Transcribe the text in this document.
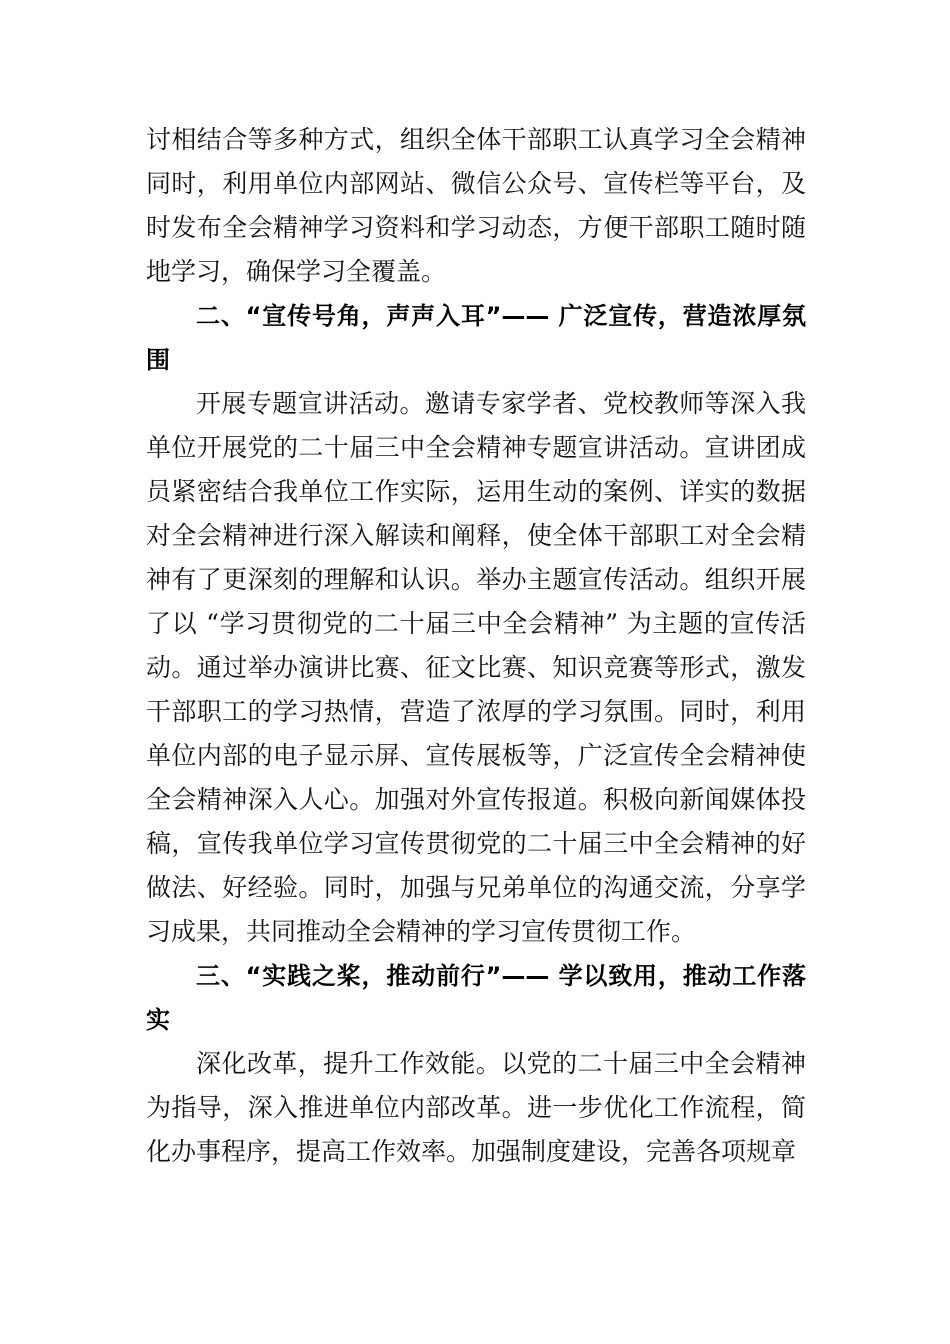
讨相结合等多种方式，组织全体干部职工认真学习全会精神同时，利用单位内部网站、微信公众号、宣传栏等平台，及时发布全会精神学习资料和学习动态，方便干部职工随时随地学习，确保学习全覆盖。

二、“宣传号角，声声入耳”—— 广泛宣传，营造浓厚氛围

开展专题宣讲活动。邀请专家学者、党校教师等深入我单位开展党的二十届三中全会精神专题宣讲活动。宣讲团成员紧密结合我单位工作实际，运用生动的案例、详实的数据对全会精神进行深入解读和阐释，使全体干部职工对全会精神有了更深刻的理解和认识。举办主题宣传活动。组织开展了以 “学习贯彻党的二十届三中全会精神” 为主题的宣传活动。通过举办演讲比赛、征文比赛、知识竞赛等形式，激发干部职工的学习热情，营造了浓厚的学习氛围。同时，利用单位内部的电子显示屏、宣传展板等，广泛宣传全会精神使全会精神深入人心。加强对外宣传报道。积极向新闻媒体投稿，宣传我单位学习宣传贯彻党的二十届三中全会精神的好做法、好经验。同时，加强与兄弟单位的沟通交流，分享学习成果，共同推动全会精神的学习宣传贯彻工作。

三、“实践之桨，推动前行”—— 学以致用，推动工作落实

深化改革，提升工作效能。以党的二十届三中全会精神为指导，深入推进单位内部改革。进一步优化工作流程，简化办事程序，提高工作效率。加强制度建设，完善各项规章
